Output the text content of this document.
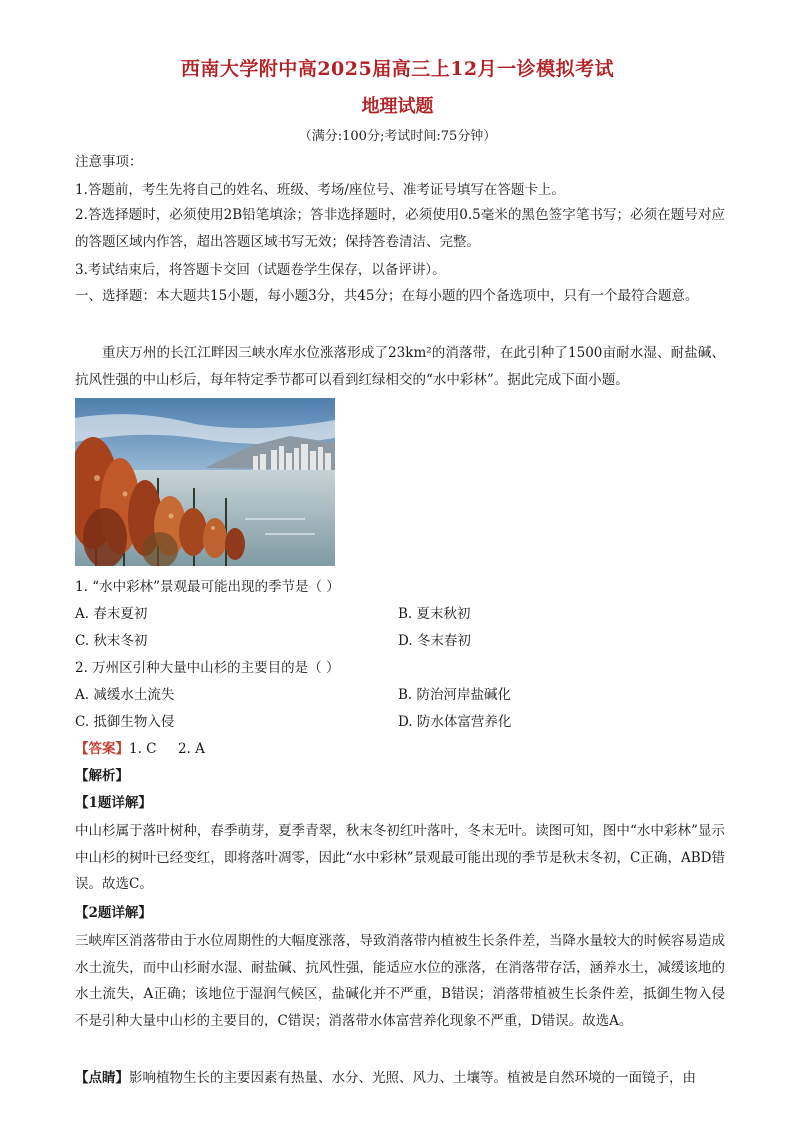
西南大学附中高2025届高三上12月一诊模拟考试
地理试题
（满分:100分;考试时间:75分钟）
注意事项：
1.答题前，考生先将自己的姓名、班级、考场/座位号、准考证号填写在答题卡上。
2.答选择题时，必须使用2B铅笔填涂；答非选择题时，必须使用0.5毫米的黑色签字笔书写；必须在题号对应的答题区域内作答，超出答题区域书写无效；保持答卷清洁、完整。
3.考试结束后，将答题卡交回（试题卷学生保存，以备评讲）。
一、选择题：本大题共15小题，每小题3分，共45分；在每小题的四个备选项中，只有一个最符合题意。
重庆万州的长江江畔因三峡水库水位涨落形成了23km²的消落带，在此引种了1500亩耐水湿、耐盐碱、抗风性强的中山杉后，每年特定季节都可以看到红绿相交的“水中彩林”。据此完成下面小题。
1. “水中彩林”景观最可能出现的季节是（ ）
A. 春末夏初	B. 夏末秋初
C. 秋末冬初	D. 冬末春初
2. 万州区引种大量中山杉的主要目的是（ ）
A. 减缓水土流失	B. 防治河岸盐碱化
C. 抵御生物入侵	D. 防水体富营养化
【答案】1. C     2. A
【解析】
【1题详解】
中山杉属于落叶树种，春季萌芽，夏季青翠，秋末冬初红叶落叶，冬末无叶。读图可知，图中“水中彩林”显示中山杉的树叶已经变红，即将落叶凋零，因此“水中彩林”景观最可能出现的季节是秋末冬初，C正确，ABD错误。故选C。
【2题详解】
三峡库区消落带由于水位周期性的大幅度涨落，导致消落带内植被生长条件差，当降水量较大的时候容易造成水土流失，而中山杉耐水湿、耐盐碱、抗风性强，能适应水位的涨落，在消落带存活，涵养水土，减缓该地的水土流失，A正确；该地位于湿润气候区，盐碱化并不严重，B错误；消落带植被生长条件差，抵御生物入侵不是引种大量中山杉的主要目的，C错误；消落带水体富营养化现象不严重，D错误。故选A。
【点睛】影响植物生长的主要因素有热量、水分、光照、风力、土壤等。植被是自然环境的一面镜子，由
